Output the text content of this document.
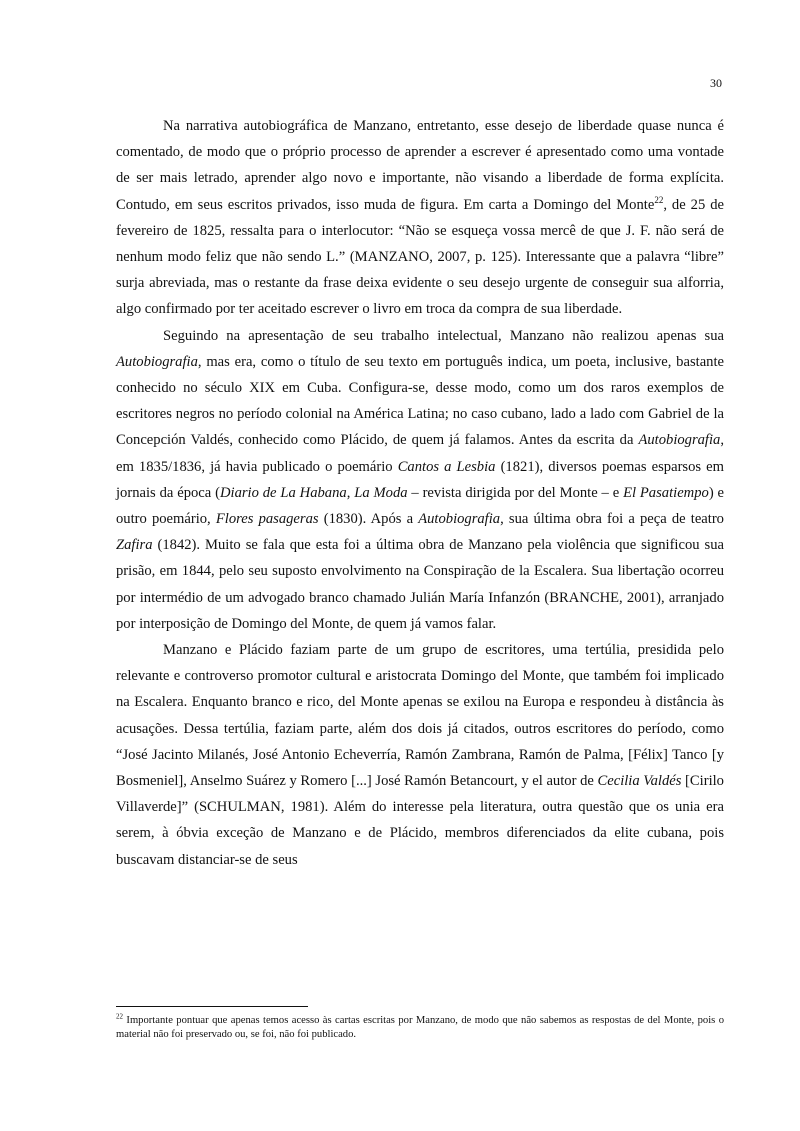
30

Na narrativa autobiográfica de Manzano, entretanto, esse desejo de liberdade quase nunca é comentado, de modo que o próprio processo de aprender a escrever é apresentado como uma vontade de ser mais letrado, aprender algo novo e importante, não visando a liberdade de forma explícita. Contudo, em seus escritos privados, isso muda de figura. Em carta a Domingo del Monte$^{22}$, de 25 de fevereiro de 1825, ressalta para o interlocutor: “Não se esqueça vossa mercê de que J. F. não será de nenhum modo feliz que não sendo L.” (MANZANO, 2007, p. 125). Interessante que a palavra “libre” surja abreviada, mas o restante da frase deixa evidente o seu desejo urgente de conseguir sua alforria, algo confirmado por ter aceitado escrever o livro em troca da compra de sua liberdade.

Seguindo na apresentação de seu trabalho intelectual, Manzano não realizou apenas sua Autobiografia, mas era, como o título de seu texto em português indica, um poeta, inclusive, bastante conhecido no século XIX em Cuba. Configura-se, desse modo, como um dos raros exemplos de escritores negros no período colonial na América Latina; no caso cubano, lado a lado com Gabriel de la Concepción Valdés, conhecido como Plácido, de quem já falamos. Antes da escrita da Autobiografia, em 1835/1836, já havia publicado o poemário Cantos a Lesbia (1821), diversos poemas esparsos em jornais da época (Diario de La Habana, La Moda – revista dirigida por del Monte – e El Pasatiempo) e outro poemário, Flores pasageras (1830). Após a Autobiografia, sua última obra foi a peça de teatro Zafira (1842). Muito se fala que esta foi a última obra de Manzano pela violência que significou sua prisão, em 1844, pelo seu suposto envolvimento na Conspiração de la Escalera. Sua libertação ocorreu por intermédio de um advogado branco chamado Julián María Infanzón (BRANCHE, 2001), arranjado por interposição de Domingo del Monte, de quem já vamos falar.

Manzano e Plácido faziam parte de um grupo de escritores, uma tertúlia, presidida pelo relevante e controverso promotor cultural e aristocrata Domingo del Monte, que também foi implicado na Escalera. Enquanto branco e rico, del Monte apenas se exilou na Europa e respondeu à distância às acusações. Dessa tertúlia, faziam parte, além dos dois já citados, outros escritores do período, como “José Jacinto Milanés, José Antonio Echeverría, Ramón Zambrana, Ramón de Palma, [Félix] Tanco [y Bosmeniel], Anselmo Suárez y Romero [...] José Ramón Betancourt, y el autor de Cecilia Valdés [Cirilo Villaverde]” (SCHULMAN, 1981). Além do interesse pela literatura, outra questão que os unia era serem, à óbvia exceção de Manzano e de Plácido, membros diferenciados da elite cubana, pois buscavam distanciar-se de seus

$^{22}$ Importante pontuar que apenas temos acesso às cartas escritas por Manzano, de modo que não sabemos as respostas de del Monte, pois o material não foi preservado ou, se foi, não foi publicado.
